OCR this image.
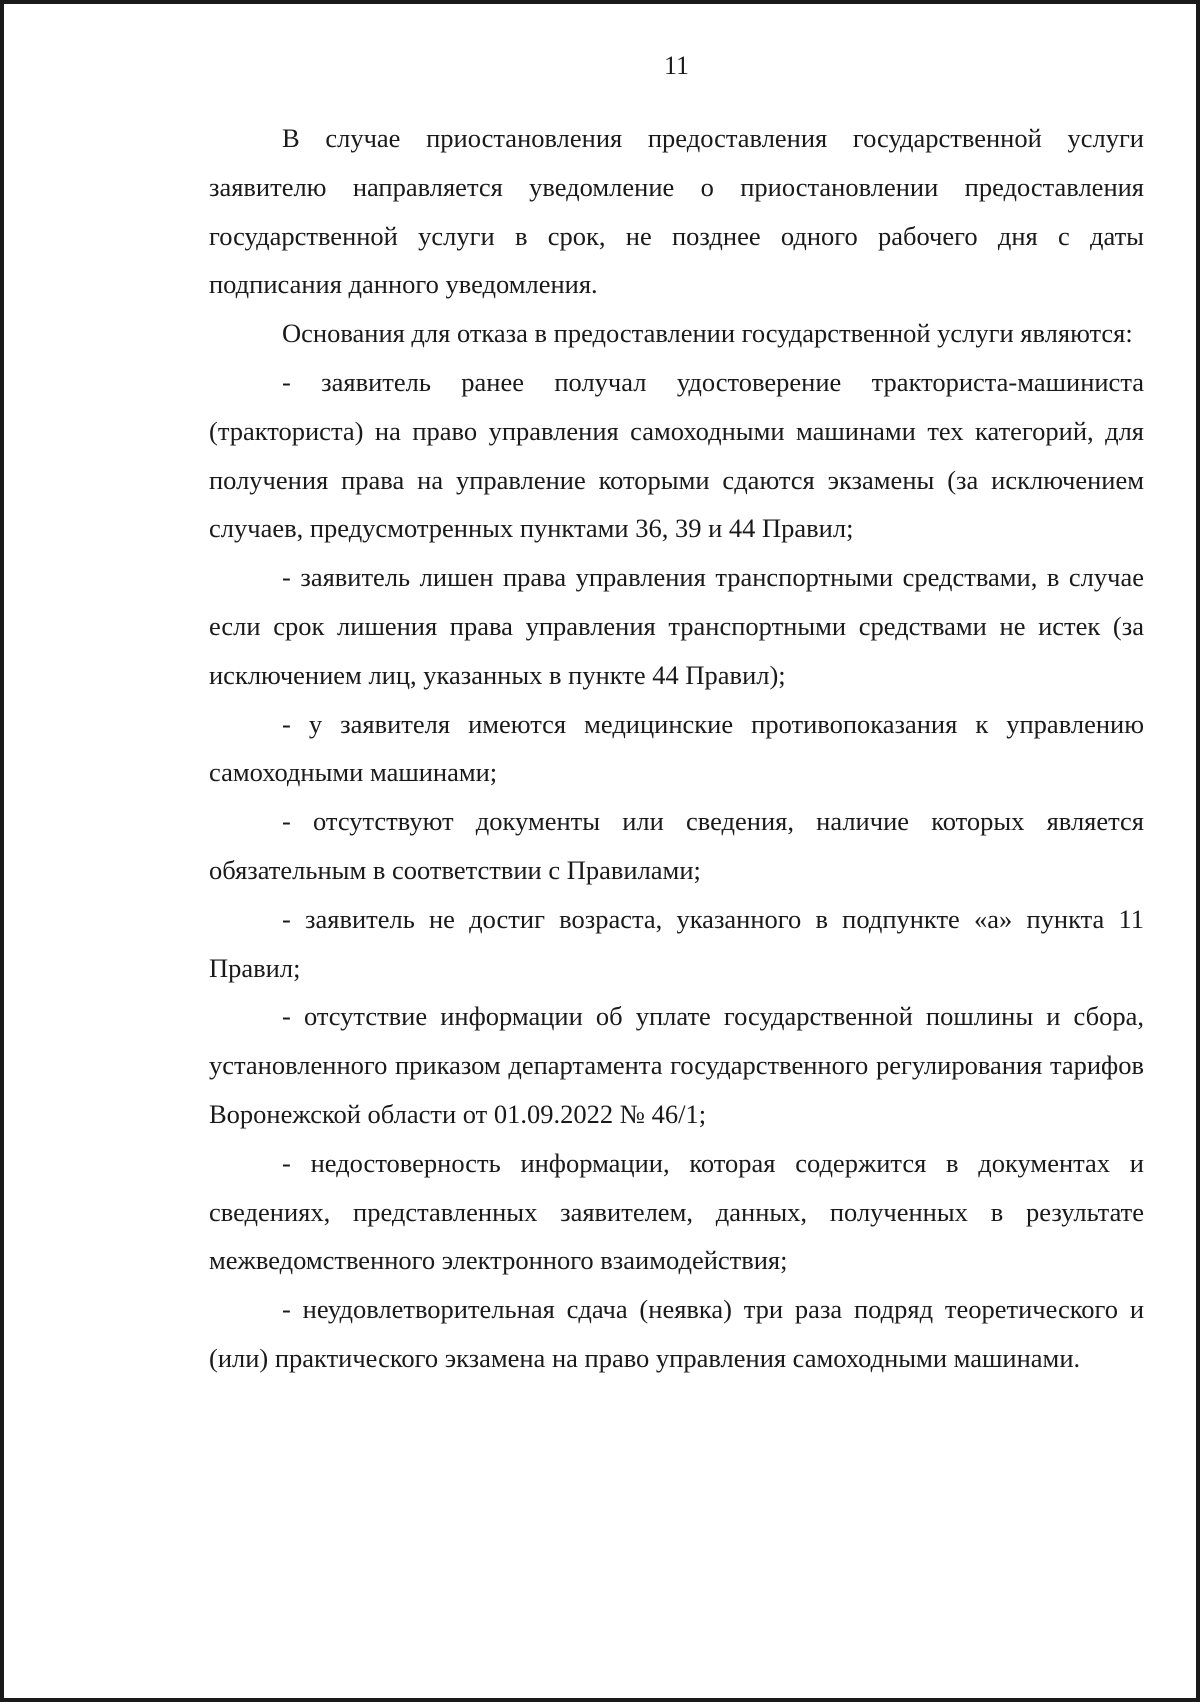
11

В случае приостановления предоставления государственной услуги заявителю направляется уведомление о приостановлении предоставления государственной услуги в срок, не позднее одного рабочего дня с даты подписания данного уведомления.

Основания для отказа в предоставлении государственной услуги являются:

- заявитель ранее получал удостоверение тракториста-машиниста (тракториста) на право управления самоходными машинами тех категорий, для получения права на управление которыми сдаются экзамены (за исключением случаев, предусмотренных пунктами 36, 39 и 44 Правил;

- заявитель лишен права управления транспортными средствами, в случае если срок лишения права управления транспортными средствами не истек (за исключением лиц, указанных в пункте 44 Правил);

- у заявителя имеются медицинские противопоказания к управлению самоходными машинами;

- отсутствуют документы или сведения, наличие которых является обязательным в соответствии с Правилами;

- заявитель не достиг возраста, указанного в подпункте «а» пункта 11 Правил;

- отсутствие информации об уплате государственной пошлины и сбора, установленного приказом департамента государственного регулирования тарифов Воронежской области от 01.09.2022 № 46/1;

- недостоверность информации, которая содержится в документах и сведениях, представленных заявителем, данных, полученных в результате межведомственного электронного взаимодействия;

- неудовлетворительная сдача (неявка) три раза подряд теоретического и (или) практического экзамена на право управления самоходными машинами.
